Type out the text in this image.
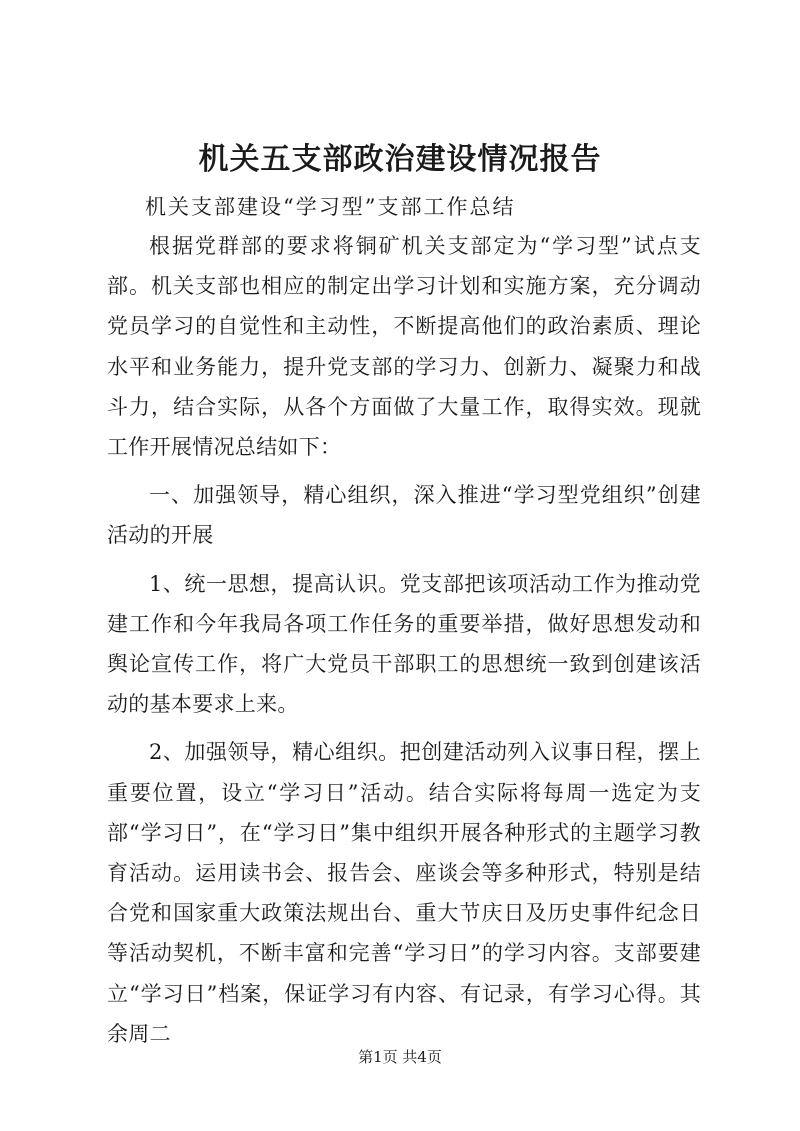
机关五支部政治建设情况报告

机关支部建设“学习型”支部工作总结

根据党群部的要求将铜矿机关支部定为“学习型”试点支部。机关支部也相应的制定出学习计划和实施方案，充分调动党员学习的自觉性和主动性，不断提高他们的政治素质、理论水平和业务能力，提升党支部的学习力、创新力、凝聚力和战斗力，结合实际，从各个方面做了大量工作，取得实效。现就工作开展情况总结如下：

一、加强领导，精心组织，深入推进“学习型党组织”创建活动的开展

1、统一思想，提高认识。党支部把该项活动工作为推动党建工作和今年我局各项工作任务的重要举措，做好思想发动和舆论宣传工作，将广大党员干部职工的思想统一致到创建该活动的基本要求上来。

2、加强领导，精心组织。把创建活动列入议事日程，摆上重要位置，设立“学习日”活动。结合实际将每周一选定为支部“学习日”，在“学习日”集中组织开展各种形式的主题学习教育活动。运用读书会、报告会、座谈会等多种形式，特别是结合党和国家重大政策法规出台、重大节庆日及历史事件纪念日等活动契机，不断丰富和完善“学习日”的学习内容。支部要建立“学习日”档案，保证学习有内容、有记录，有学习心得。其余周二

第1页 共4页
